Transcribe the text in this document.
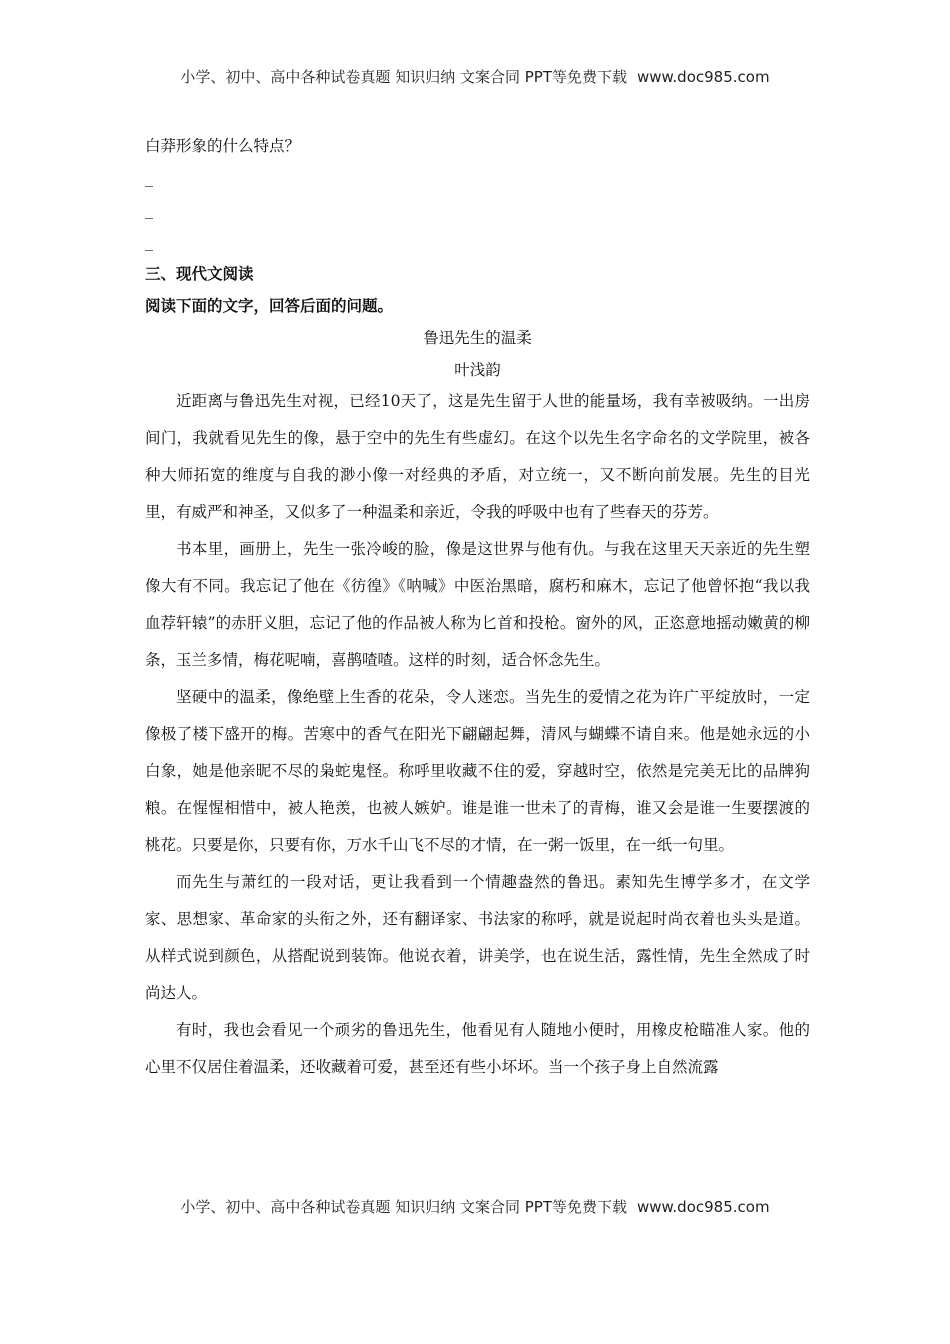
小学、初中、高中各种试卷真题 知识归纳 文案合同 PPT等免费下载 www.doc985.com
白莽形象的什么特点？
_
_
_
三、现代文阅读
阅读下面的文字，回答后面的问题。
鲁迅先生的温柔
叶浅韵

近距离与鲁迅先生对视，已经10天了，这是先生留于人世的能量场，我有幸被吸纳。一出房间门，我就看见先生的像，悬于空中的先生有些虚幻。在这个以先生名字命名的文学院里，被各种大师拓宽的维度与自我的渺小像一对经典的矛盾，对立统一，又不断向前发展。先生的目光里，有威严和神圣，又似多了一种温柔和亲近，令我的呼吸中也有了些春天的芬芳。

书本里，画册上，先生一张冷峻的脸，像是这世界与他有仇。与我在这里天天亲近的先生塑像大有不同。我忘记了他在《彷徨》《呐喊》中医治黑暗，腐朽和麻木，忘记了他曾怀抱“我以我血荐轩辕”的赤肝义胆，忘记了他的作品被人称为匕首和投枪。窗外的风，正恣意地摇动嫩黄的柳条，玉兰多情，梅花呢喃，喜鹊喳喳。这样的时刻，适合怀念先生。

坚硬中的温柔，像绝壁上生香的花朵，令人迷恋。当先生的爱情之花为许广平绽放时，一定像极了楼下盛开的梅。苦寒中的香气在阳光下翩翩起舞，清风与蝴蝶不请自来。他是她永远的小白象，她是他亲昵不尽的枭蛇鬼怪。称呼里收藏不住的爱，穿越时空，依然是完美无比的品牌狗粮。在惺惺相惜中，被人艳羡，也被人嫉妒。谁是谁一世未了的青梅，谁又会是谁一生要摆渡的桃花。只要是你，只要有你，万水千山飞不尽的才情，在一粥一饭里，在一纸一句里。

而先生与萧红的一段对话，更让我看到一个情趣盎然的鲁迅。素知先生博学多才，在文学家、思想家、革命家的头衔之外，还有翻译家、书法家的称呼，就是说起时尚衣着也头头是道。从样式说到颜色，从搭配说到装饰。他说衣着，讲美学，也在说生活，露性情，先生全然成了时尚达人。

有时，我也会看见一个顽劣的鲁迅先生，他看见有人随地小便时，用橡皮枪瞄准人家。他的心里不仅居住着温柔，还收藏着可爱，甚至还有些小坏坏。当一个孩子身上自然流露

小学、初中、高中各种试卷真题 知识归纳 文案合同 PPT等免费下载 www.doc985.com
